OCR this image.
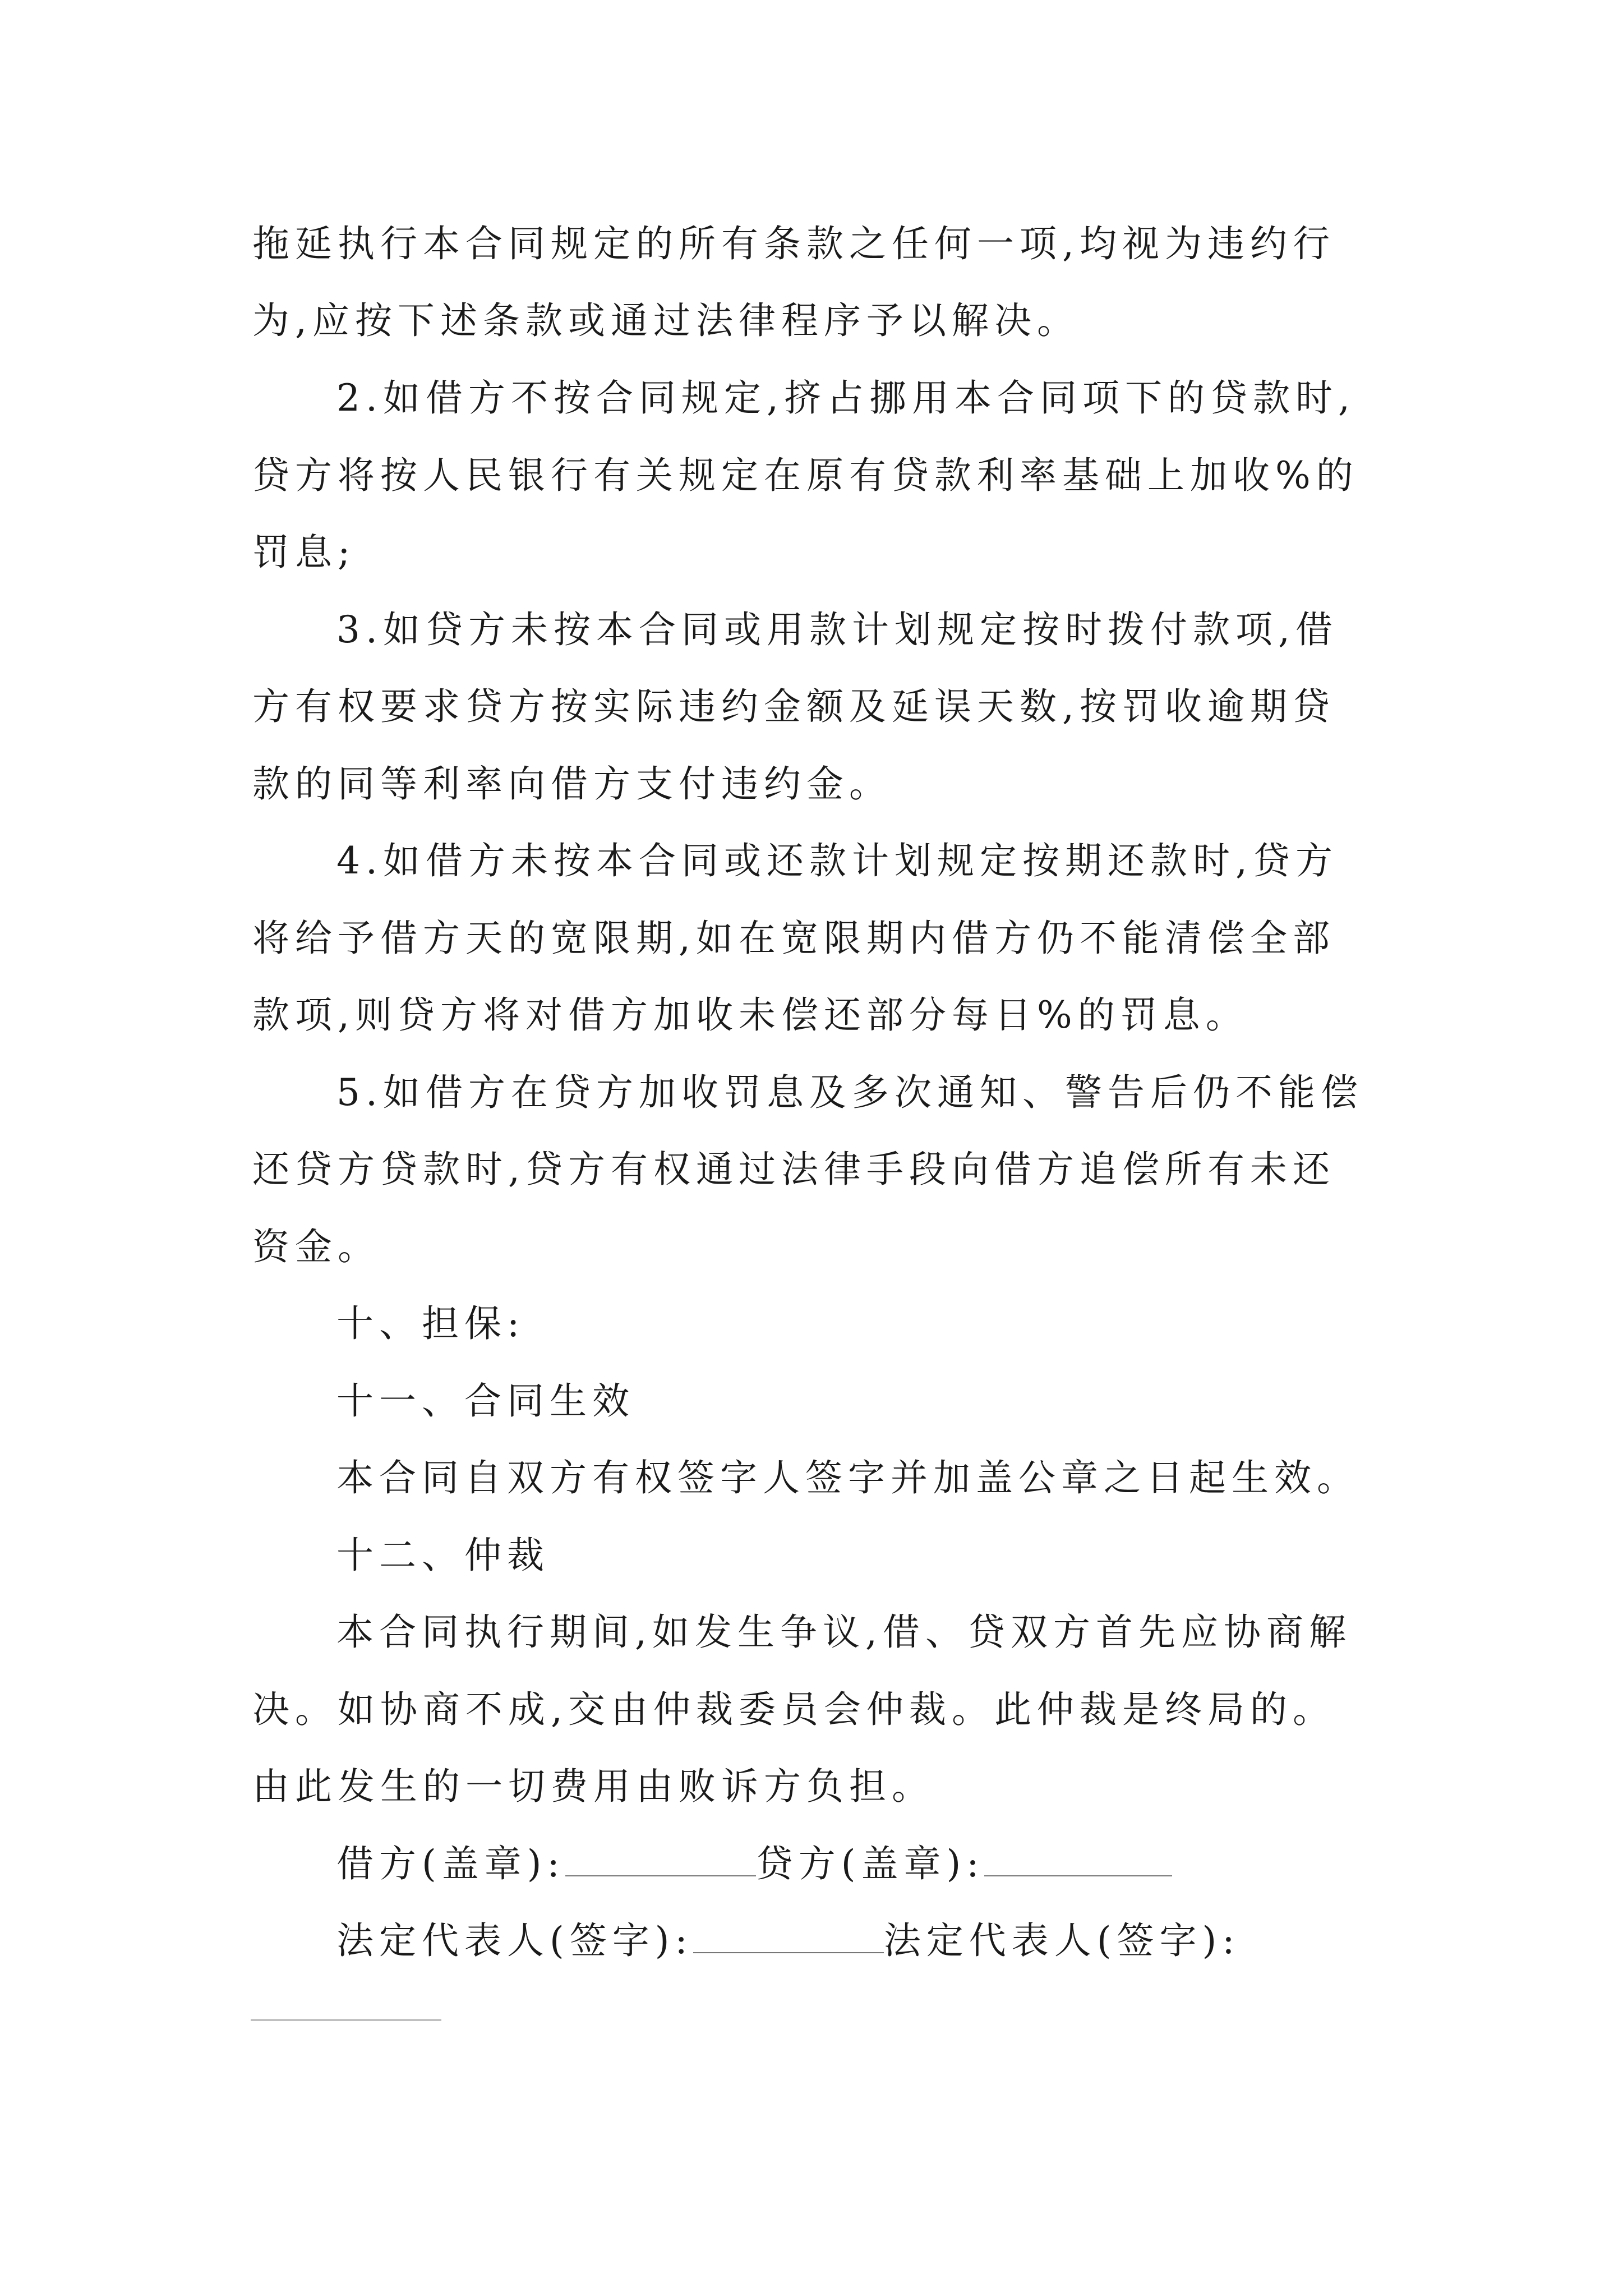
拖延执行本合同规定的所有条款之任何一项,均视为违约行
为,应按下述条款或通过法律程序予以解决。
2.如借方不按合同规定,挤占挪用本合同项下的贷款时,
贷方将按人民银行有关规定在原有贷款利率基础上加收%的
罚息;
3.如贷方未按本合同或用款计划规定按时拨付款项,借
方有权要求贷方按实际违约金额及延误天数,按罚收逾期贷
款的同等利率向借方支付违约金。
4.如借方未按本合同或还款计划规定按期还款时,贷方
将给予借方天的宽限期,如在宽限期内借方仍不能清偿全部
款项,则贷方将对借方加收未偿还部分每日%的罚息。
5.如借方在贷方加收罚息及多次通知、警告后仍不能偿
还贷方贷款时,贷方有权通过法律手段向借方追偿所有未还
资金。
十、担保:
十一、合同生效
本合同自双方有权签字人签字并加盖公章之日起生效。
十二、仲裁
本合同执行期间,如发生争议,借、贷双方首先应协商解
决。如协商不成,交由仲裁委员会仲裁。此仲裁是终局的。
由此发生的一切费用由败诉方负担。
借方(盖章):	贷方(盖章):
法定代表人(签字):	法定代表人(签字):
